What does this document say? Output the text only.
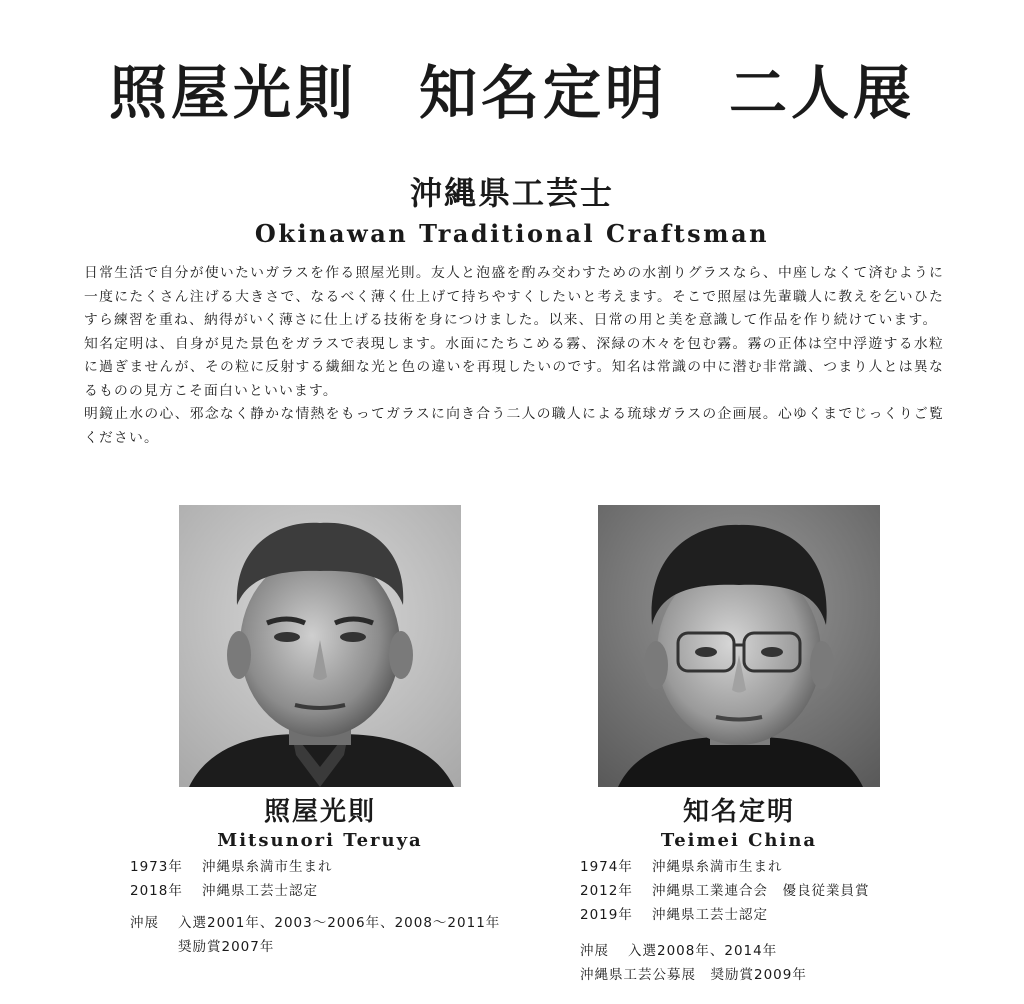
照屋光則　知名定明　二人展
沖縄県工芸士
Okinawan Traditional Craftsman

日常生活で自分が使いたいガラスを作る照屋光則。友人と泡盛を酌み交わすための水割りグラスなら、中座しなくて済むように一度にたくさん注げる大きさで、なるべく薄く仕上げて持ちやすくしたいと考えます。そこで照屋は先輩職人に教えを乞いひたすら練習を重ね、納得がいく薄さに仕上げる技術を身につけました。以来、日常の用と美を意識して作品を作り続けています。

知名定明は、自身が見た景色をガラスで表現します。水面にたちこめる霧、深緑の木々を包む霧。霧の正体は空中浮遊する水粒に過ぎませんが、その粒に反射する繊細な光と色の違いを再現したいのです。知名は常識の中に潜む非常識、つまり人とは異なるものの見方こそ面白いといいます。

明鏡止水の心、邪念なく静かな情熱をもってガラスに向き合う二人の職人による琉球ガラスの企画展。心ゆくまでじっくりご覧ください。

照屋光則
Mitsunori Teruya
知名定明
Teimei China
1973年 沖縄県糸満市生まれ
2018年 沖縄県工芸士認定
沖展 入選2001年、2003～2006年、2008～2011年
奨励賞2007年
1974年 沖縄県糸満市生まれ
2012年 沖縄県工業連合会　優良従業員賞
2019年 沖縄県工芸士認定
沖展 入選2008年、2014年
沖縄県工芸公募展　奨励賞2009年
